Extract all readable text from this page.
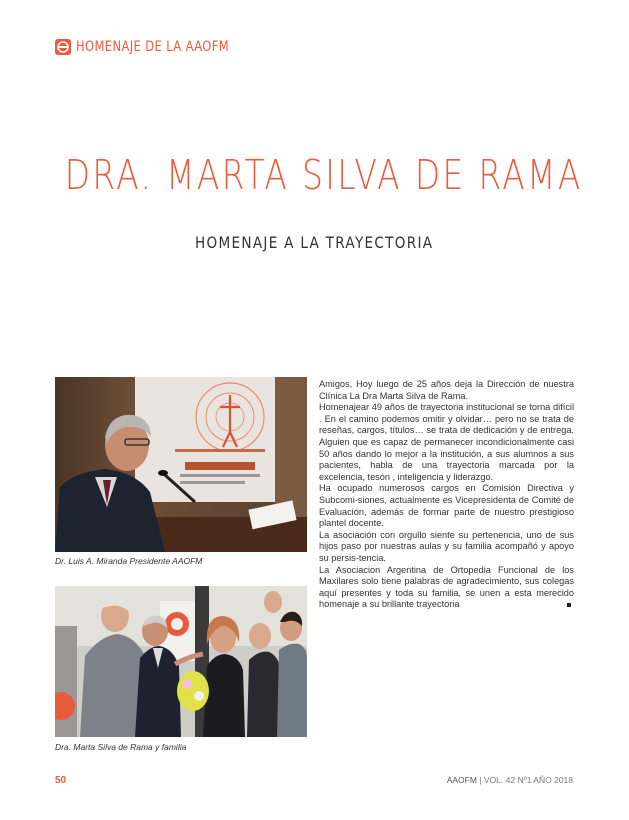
HOMENAJE DE LA AAOFM
DRA. MARTA SILVA DE RAMA
HOMENAJE A LA TRAYECTORIA
Dr. Luis A. Miranda Presidente AAOFM
Dra. Marta Silva de Rama y familia

Amigos, Hoy luego de 25 años deja la Dirección de nuestra Clínica La Dra Marta Silva de Rama.

Homenajear 49 años de trayectoria institucional se torna difícil . En el camino podemos omitir y olvidar… pero no se trata de reseñas, cargos, títulos… se trata de dedicación y de entrega. Alguien que es capaz de permanecer incondicionalmente casi 50 años dando lo mejor a la institución, a sus alumnos a sus pacientes, habla de una trayectoria marcada por la excelencia, tesón , inteligencia y liderazgo.

Ha ocupado numerosos cargos en Comisión Directiva y Subcomi-siones, actualmente es Vicepresidenta de Comité de Evaluación, además de formar parte de nuestro prestigioso plantel docente.

La asociación con orgullo siente su pertenencia, uno de sus hijos paso por nuestras aulas y su familia acompañó y apoyo su persis-tencia.

La Asociacion Argentina de Ortopedia Funcional de los Maxilares solo tiene palabras de agradecimiento, sus colegas aquí presentes y toda su familia, se unen a esta merecido homenaje a su brillante trayectoria

50	AAOFM | VOL. 42 Nº1 AÑO 2018
